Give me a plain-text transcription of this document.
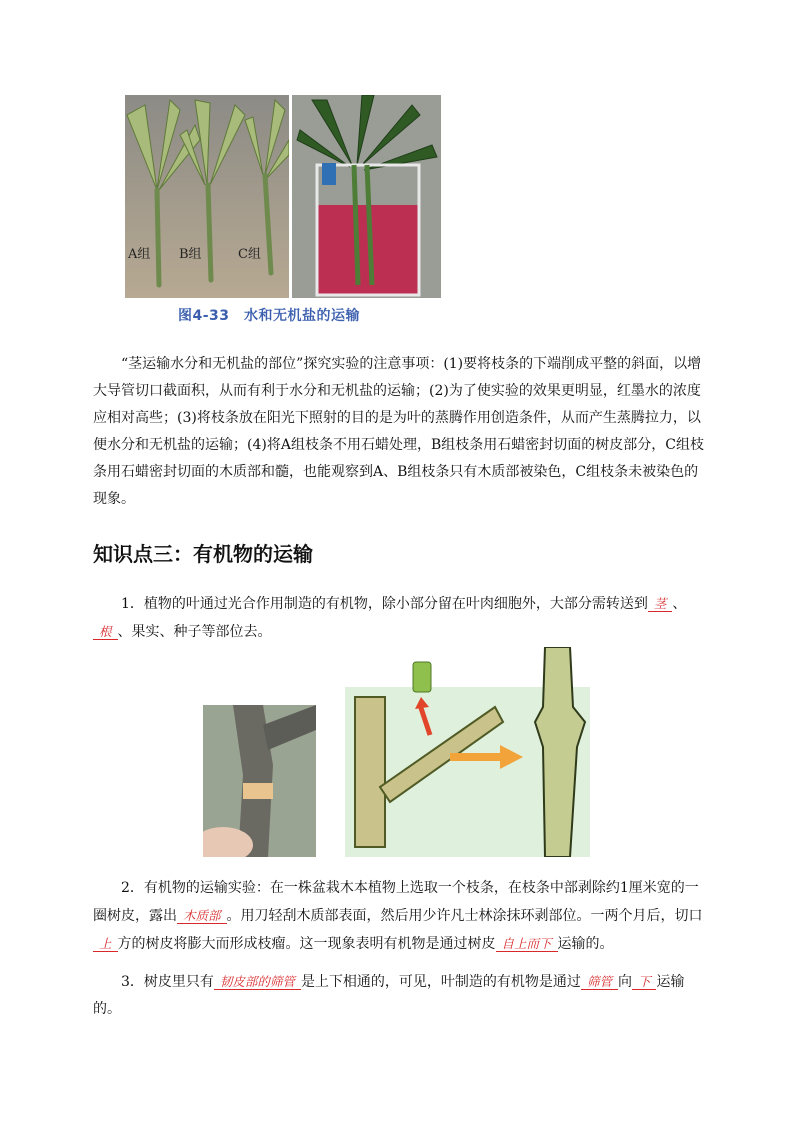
A组 B组	C组
图4-33　水和无机盐的运输
“茎运输水分和无机盐的部位”探究实验的注意事项：(1)要将枝条的下端削成平整的斜面，以增大导管切口截面积，从而有利于水分和无机盐的运输；(2)为了使实验的效果更明显，红墨水的浓度应相对高些；(3)将枝条放在阳光下照射的目的是为叶的蒸腾作用创造条件，从而产生蒸腾拉力，以便水分和无机盐的运输；(4)将A组枝条不用石蜡处理，B组枝条用石蜡密封切面的树皮部分，C组枝条用石蜡密封切面的木质部和髓，也能观察到A、B组枝条只有木质部被染色，C组枝条未被染色的现象。
知识点三：有机物的运输
1．植物的叶通过光合作用制造的有机物，除小部分留在叶肉细胞外，大部分需转送到 茎 、根 、果实、种子等部位去。
2．有机物的运输实验：在一株盆栽木本植物上选取一个枝条，在枝条中部剥除约1厘米宽的一圈树皮，露出 木质部 。用刀轻刮木质部表面，然后用少许凡士林涂抹环剥部位。一两个月后，切口上 方的树皮将膨大而形成枝瘤。这一现象表明有机物是通过树皮 自上而下 运输的。
3．树皮里只有 韧皮部的筛管 是上下相通的，可见，叶制造的有机物是通过 筛管 向 下 运输的。
